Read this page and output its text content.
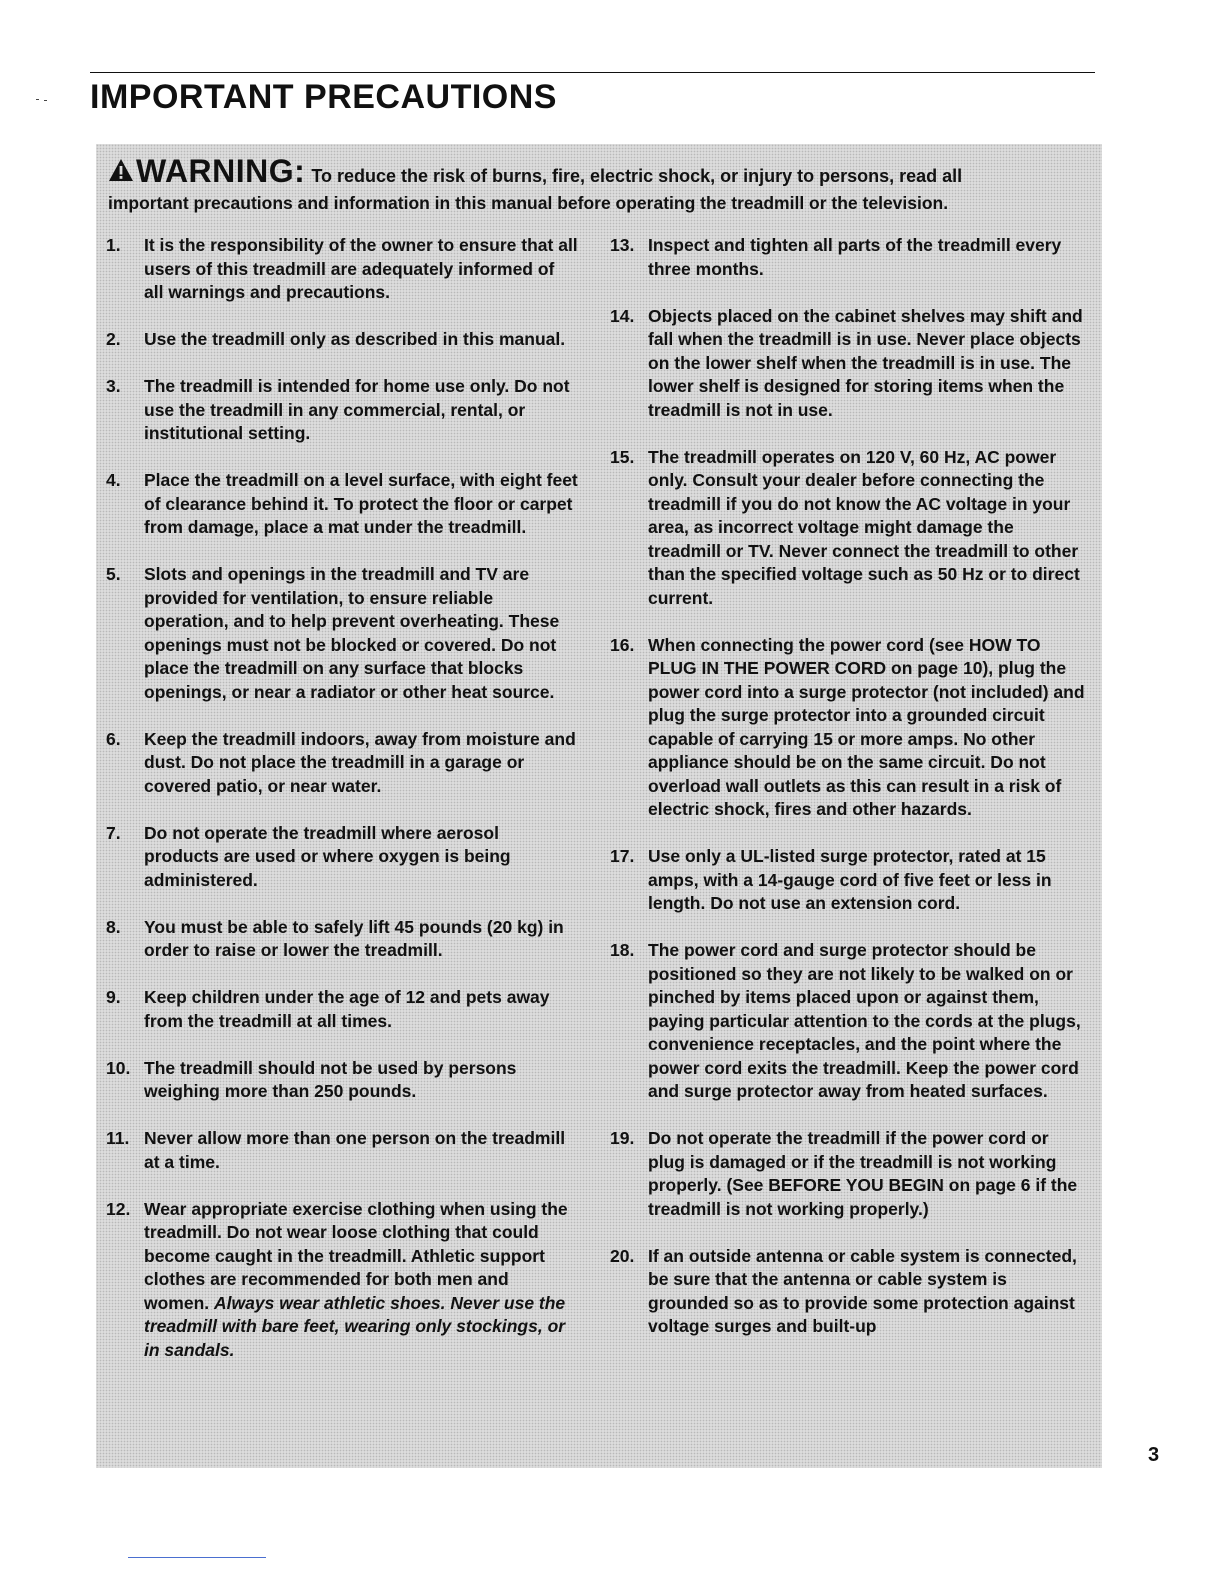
IMPORTANT PRECAUTIONS
WARNING: To reduce the risk of burns, fire, electric shock, or injury to persons, read all
important precautions and information in this manual before operating the treadmill or the television.
1.	It is the responsibility of the owner to ensure that all users of this treadmill are adequately informed of all warnings and precautions.
2.	Use the treadmill only as described in this manual.
3.	The treadmill is intended for home use only. Do not use the treadmill in any commercial, rental, or institutional setting.
4.	Place the treadmill on a level surface, with eight feet of clearance behind it. To protect the floor or carpet from damage, place a mat under the treadmill.
5.	Slots and openings in the treadmill and TV are provided for ventilation, to ensure reliable operation, and to help prevent overheating. These openings must not be blocked or covered. Do not place the treadmill on any surface that blocks openings, or near a radiator or other heat source.
6.	Keep the treadmill indoors, away from moisture and dust. Do not place the treadmill in a garage or covered patio, or near water.
7.	Do not operate the treadmill where aerosol products are used or where oxygen is being administered.
8.	You must be able to safely lift 45 pounds (20 kg) in order to raise or lower the treadmill.
9.	Keep children under the age of 12 and pets away from the treadmill at all times.
10. The treadmill should not be used by persons weighing more than 250 pounds.
11. Never allow more than one person on the treadmill at a time.
12. Wear appropriate exercise clothing when using the treadmill. Do not wear loose clothing that could become caught in the treadmill. Athletic support clothes are recommended for both men and women. Always wear athletic shoes. Never use the treadmill with bare feet, wearing only stockings, or in sandals.
13. Inspect and tighten all parts of the treadmill every three months.
14. Objects placed on the cabinet shelves may shift and fall when the treadmill is in use. Never place objects on the lower shelf when the treadmill is in use. The lower shelf is designed for storing items when the treadmill is not in use.
15. The treadmill operates on 120 V, 60 Hz, AC power only. Consult your dealer before connecting the treadmill if you do not know the AC voltage in your area, as incorrect voltage might damage the treadmill or TV. Never connect the treadmill to other than the specified voltage such as 50 Hz or to direct current.
16. When connecting the power cord (see HOW TO PLUG IN THE POWER CORD on page 10), plug the power cord into a surge protector (not included) and plug the surge protector into a grounded circuit capable of carrying 15 or more amps. No other appliance should be on the same circuit. Do not overload wall outlets as this can result in a risk of electric shock, fires and other hazards.
17. Use only a UL-listed surge protector, rated at 15 amps, with a 14-gauge cord of five feet or less in length. Do not use an extension cord.
18. The power cord and surge protector should be positioned so they are not likely to be walked on or pinched by items placed upon or against them, paying particular attention to the cords at the plugs, convenience receptacles, and the point where the power cord exits the treadmill. Keep the power cord and surge protector away from heated surfaces.
19. Do not operate the treadmill if the power cord or plug is damaged or if the treadmill is not working properly. (See BEFORE YOU BEGIN on page 6 if the treadmill is not working properly.)
20. If an outside antenna or cable system is connected, be sure that the antenna or cable system is grounded so as to provide some protection against voltage surges and built-up
3
